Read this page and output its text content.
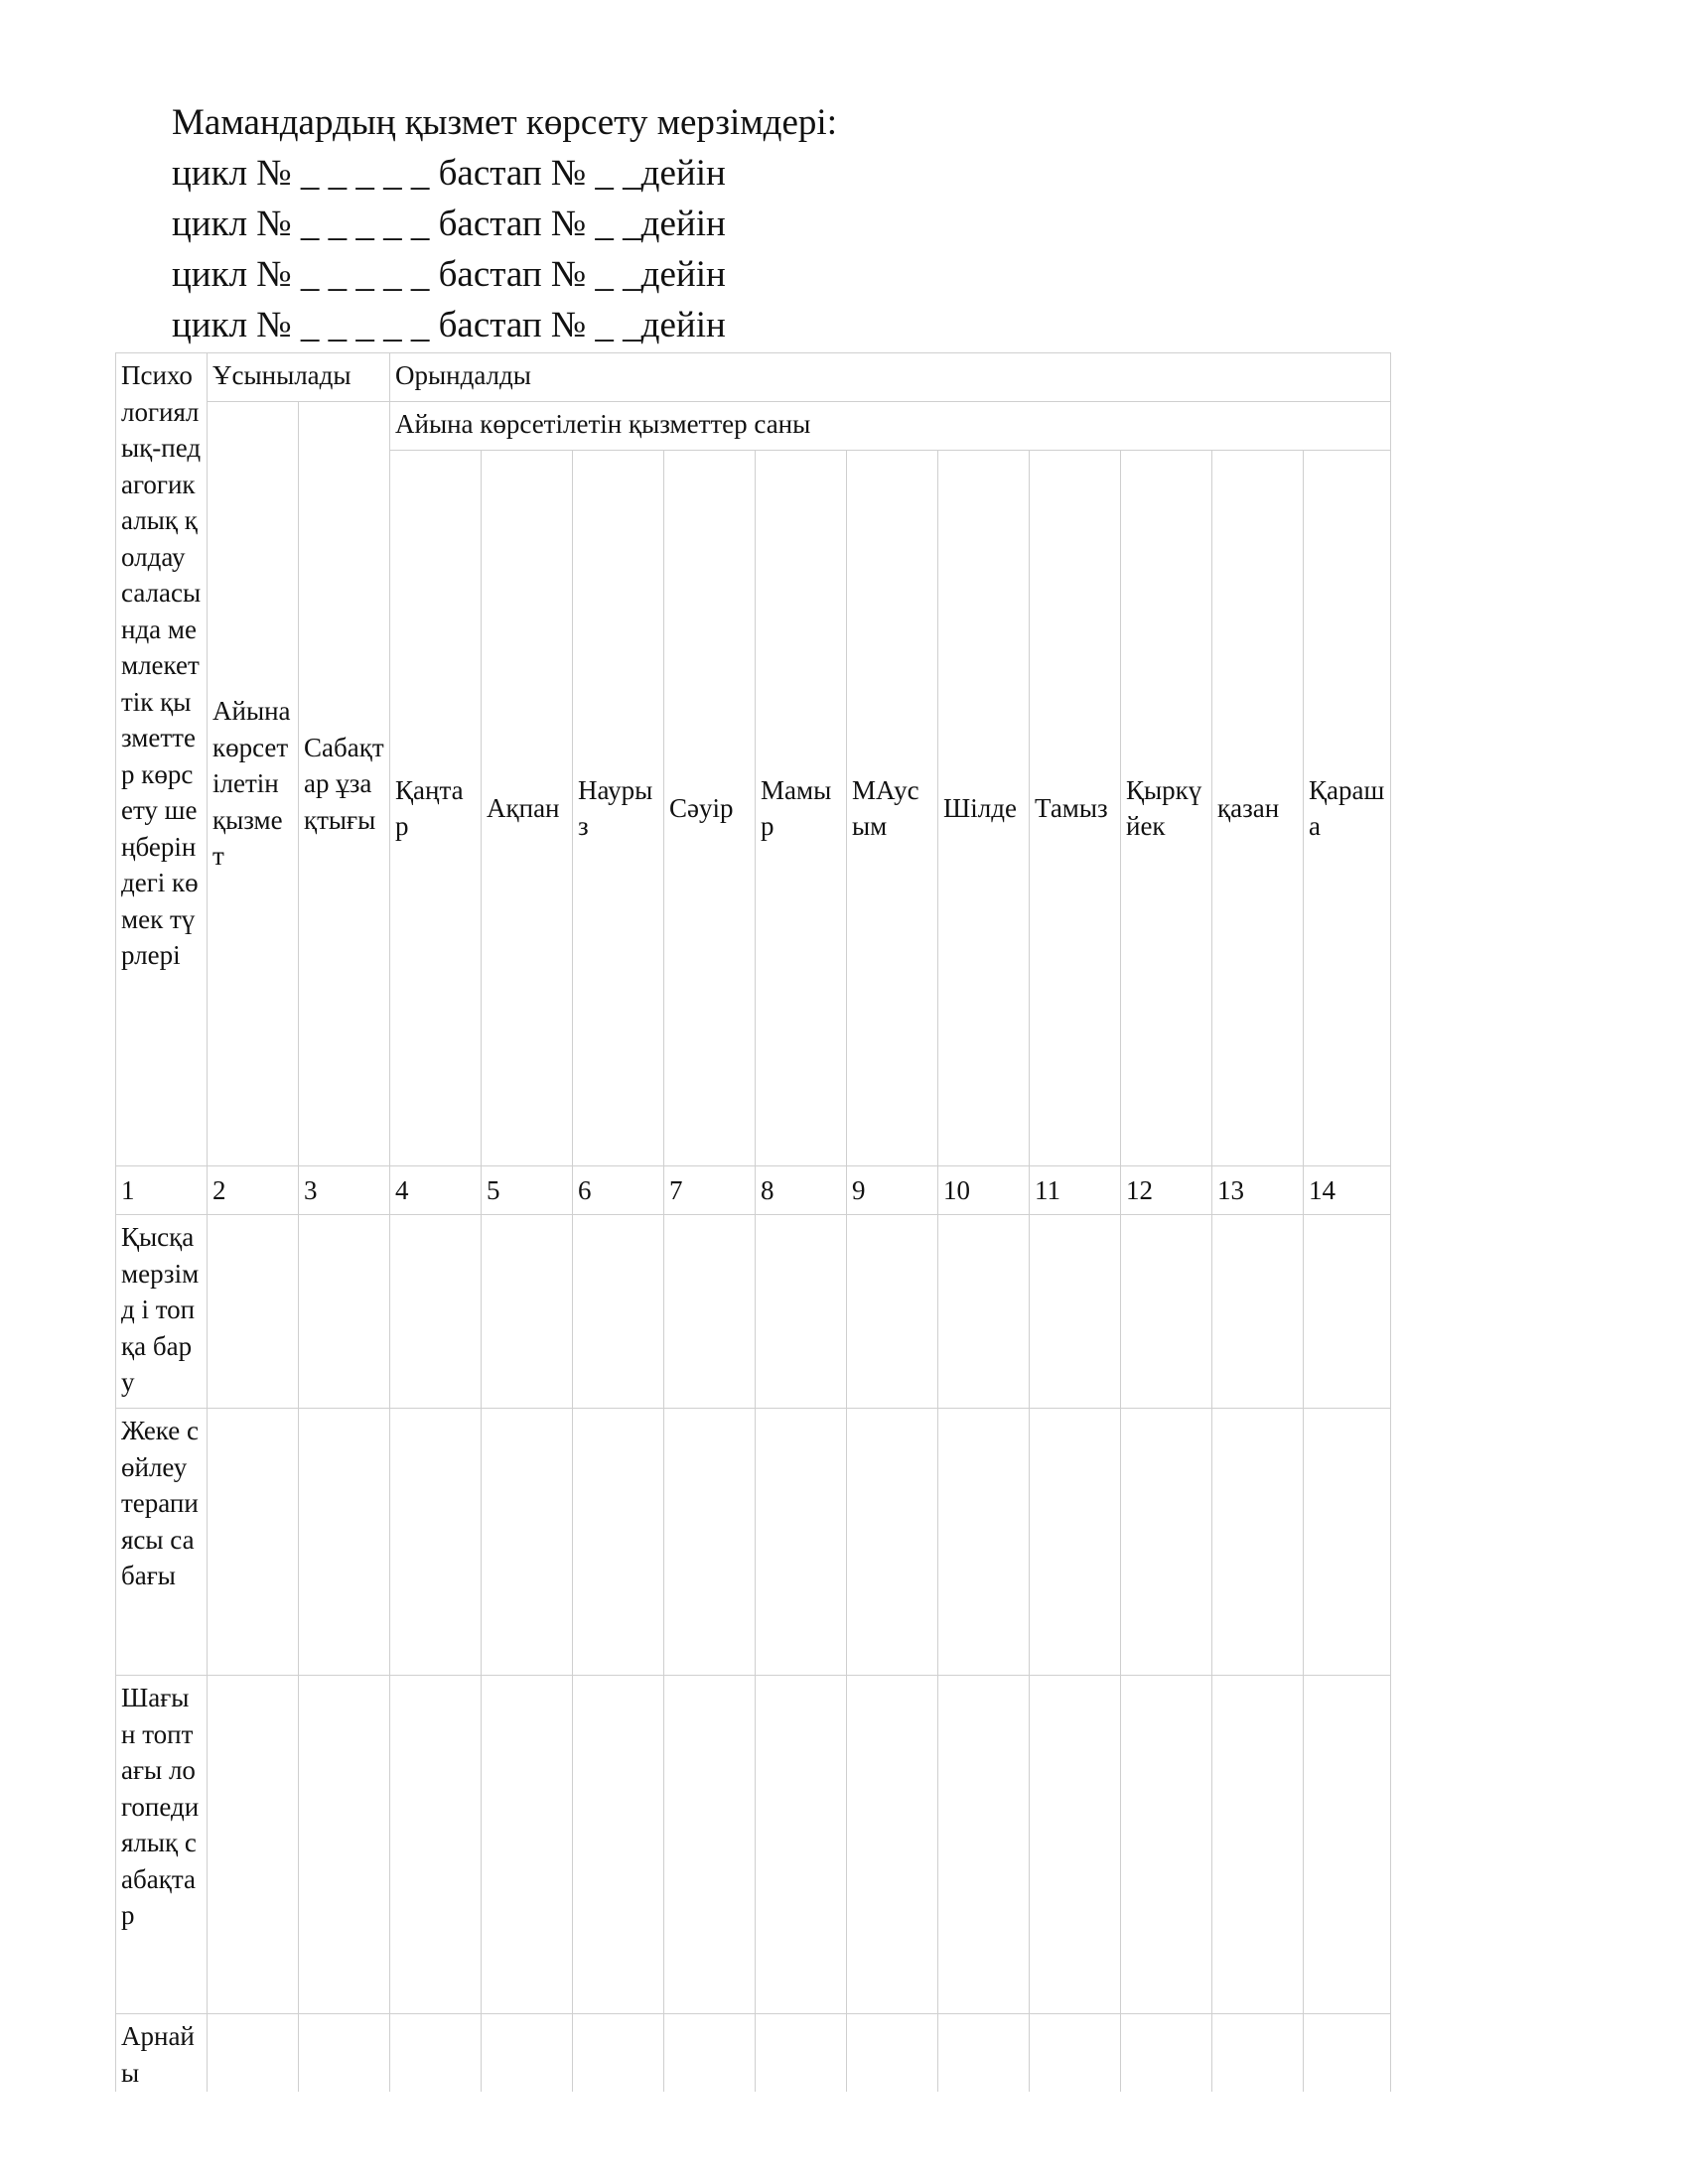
Мамандардың қызмет көрсету мерзімдері:
цикл № _ _ _ _ _ бастап № _ _дейін
цикл № _ _ _ _ _ бастап № _ _дейін
цикл № _ _ _ _ _ бастап № _ _дейін
цикл № _ _ _ _ _ бастап № _ _дейін
Психологиялық-педагогикалық қолдау саласында мемлекеттік қызметтер көрсету шеңберіндегі көмек түрлері	Ұсынылады		Орындалды										
	Айына көрсетілетін қызмет	Сабақтар ұзақтығы	Айына көрсетілетін қызметтер саны										
			Қаңтар	Ақпан	Наурыз	Сәуір	Мамыр	МАусым	Шілде	Тамыз	Қыркүйек	қазан	Қараша
1	2	3	4	5	6	7	8	9	10	11	12	13	14
Қысқа мерзімд і топқа бару													
Жеке сөйлеу терапиясы сабағы													
Шағын топтағы логопедиялық сабақтар													
Арнайы													
